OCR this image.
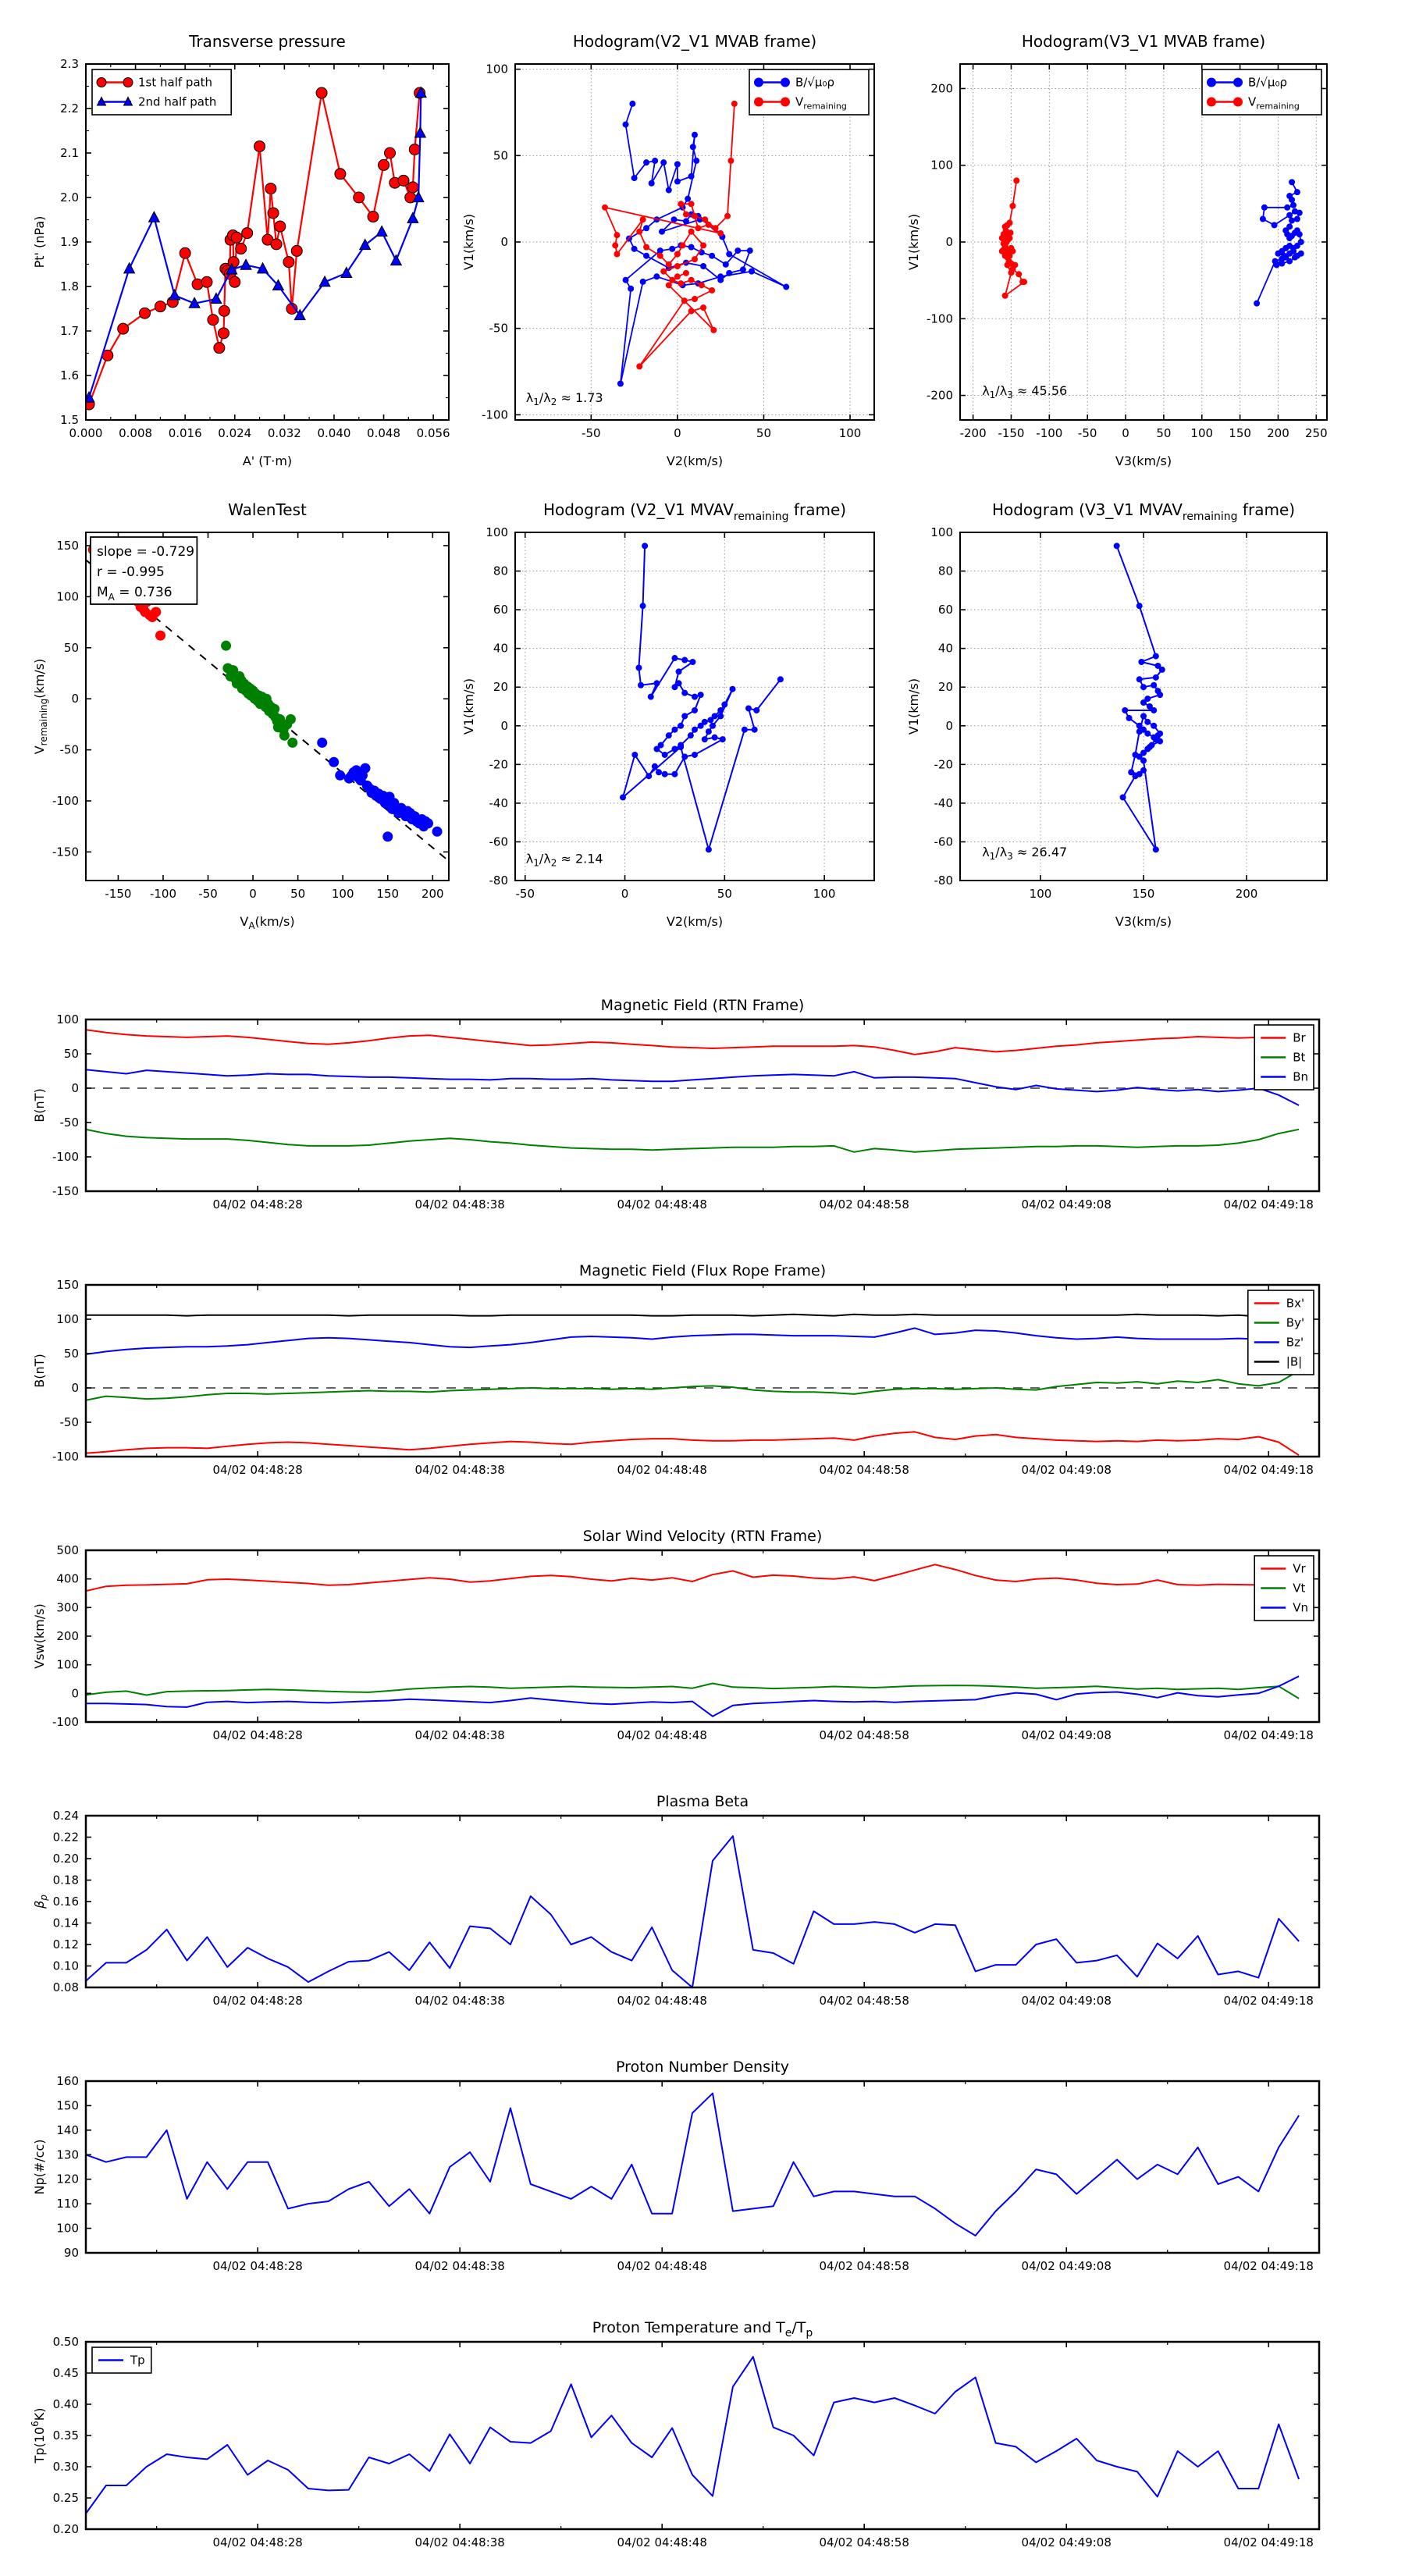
0.000 0.008 0.016 0.024 0.032 0.040 0.048 0.056
1.5
1.6
1.7
1.8
1.9
2.0
2.1
2.2
2.3
Transverse pressure
A' (T·m)
Pt' (nPa)
1st half path
2nd half path
-50	0	50	100
-100
-50
0
50
100
Hodogram(V2_V1 MVAB frame)
V2(km/s)
V1(km/s)
B/√μ₀ρ
$V_{remaining}$
$\lambda_1/\lambda_2 \approx 1.73$
-200 -150 -100 -50 0 50 100 150 200 250
-200
-100
0
100
200
Hodogram(V3_V1 MVAB frame)
V3(km/s)
V1(km/s)
B/√μ₀ρ
$V_{remaining}$
$\lambda_1/\lambda_3 \approx 45.56$
-150 -100 -50	0	50 100 150 200
-150
-100
-50
0
50
100
150
WalenTest
$V_A(km/s)$
$V_{remaining}(km/s)$
slope = -0.729
r = -0.995
$M_A = 0.736$
-50	0	50	100
-80
-60
-40
-20
0
20
40
60
80
100
Hodogram (V2_V1 $MVAV_{remaining}$ frame)
V2(km/s)
V1(km/s)
$\lambda_1/\lambda_2 \approx 2.14$
100	150	200
-80
-60
-40
-20
0
20
40
60
80
100
Hodogram (V3_V1 $MVAV_{remaining}$ frame)
V3(km/s)
V1(km/s)
$\lambda_1/\lambda_3 \approx 26.47$
04/02 04:48:28	04/02 04:48:38	04/02 04:48:48	04/02 04:48:58	04/02 04:49:08	04/02 04:49:18
-150
-100
-50
0
50
100
Magnetic Field (RTN Frame)
B(nT)
Br
Bt
Bn
04/02 04:48:28	04/02 04:48:38	04/02 04:48:48	04/02 04:48:58	04/02 04:49:08	04/02 04:49:18
-100
-50
0
50
100
150
Magnetic Field (Flux Rope Frame)
B(nT)
Bx'
By'
Bz'
|B|
04/02 04:48:28	04/02 04:48:38	04/02 04:48:48	04/02 04:48:58	04/02 04:49:08	04/02 04:49:18
-100
0
100
200
300
400
500
Solar Wind Velocity (RTN Frame)
Vsw(km/s)
Vr
Vt
Vn
04/02 04:48:28	04/02 04:48:38	04/02 04:48:48	04/02 04:48:58	04/02 04:49:08	04/02 04:49:18
0.08
0.10
0.12
0.14
0.16
0.18
0.20
0.22
0.24
Plasma Beta
$\beta_p$
04/02 04:48:28	04/02 04:48:38	04/02 04:48:48	04/02 04:48:58	04/02 04:49:08	04/02 04:49:18
90
100
110
120
130
140
150
160
Proton Number Density
Np(#/cc)
04/02 04:48:28	04/02 04:48:38	04/02 04:48:48	04/02 04:48:58	04/02 04:49:08	04/02 04:49:18
0.20
0.25
0.30
0.35
0.40
0.45
0.50
Proton Temperature and $T_e/T_p$
$Tp(10^6K)$
Tp
